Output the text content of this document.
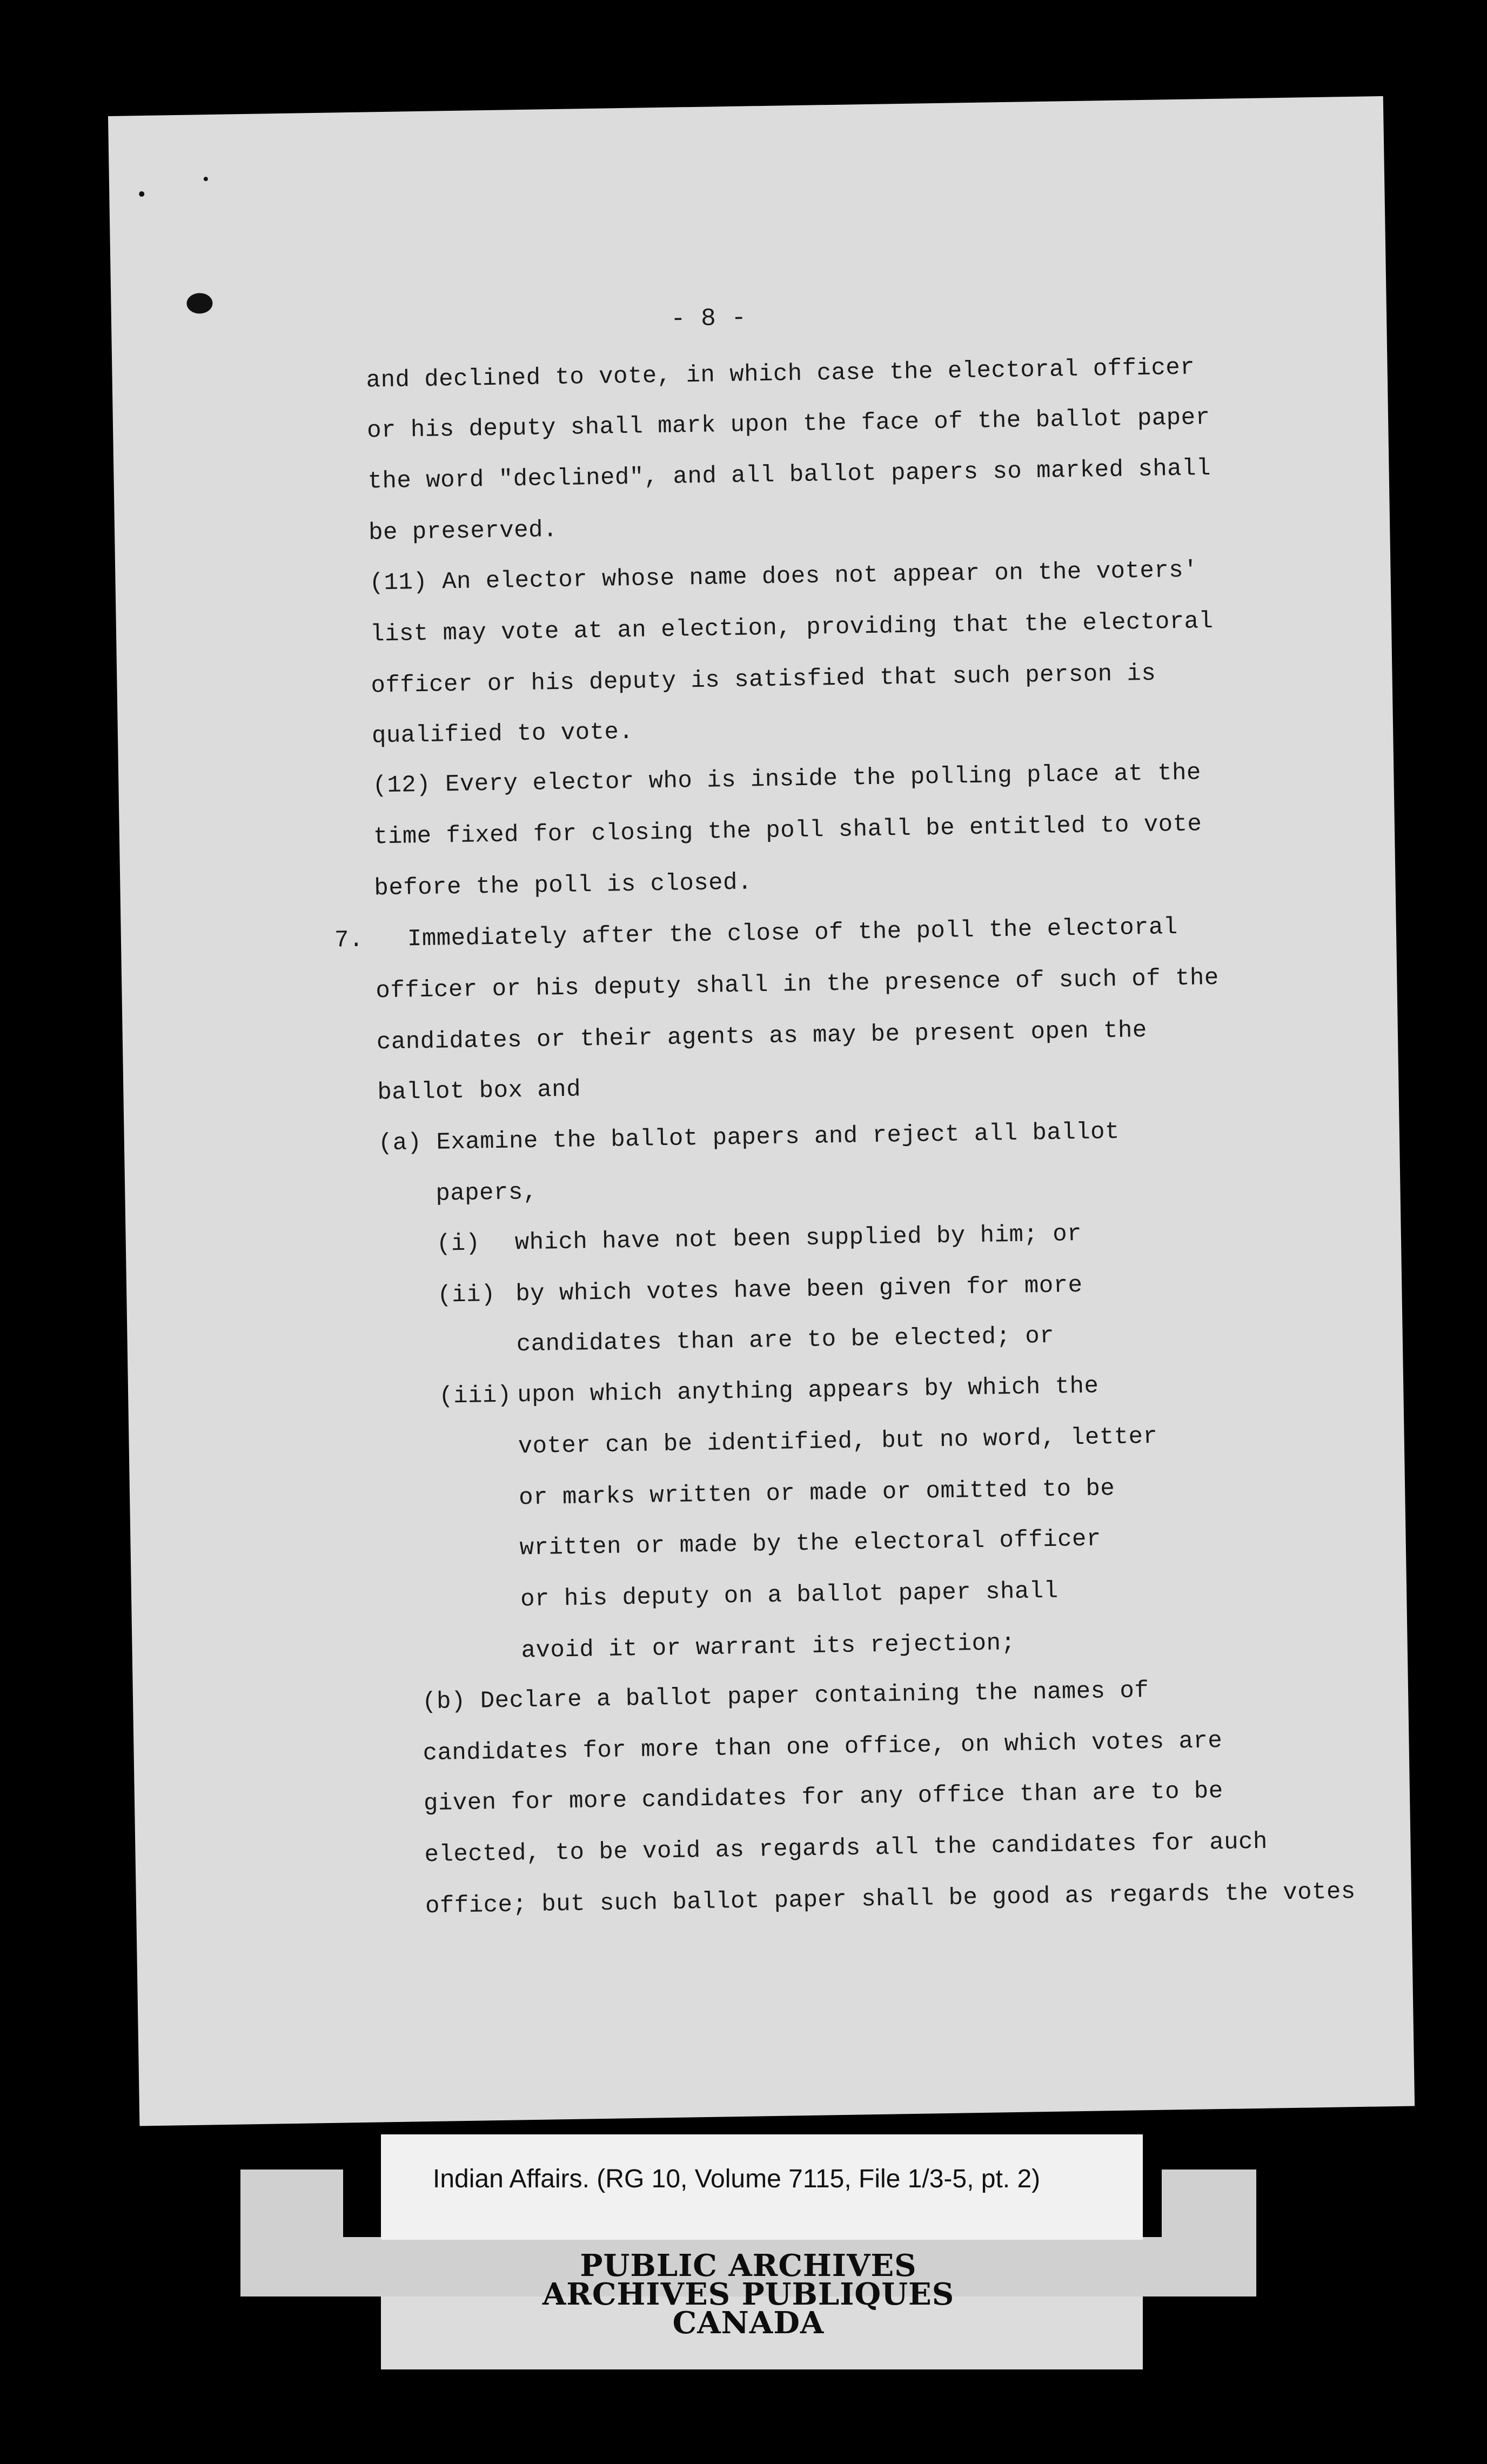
- 8 -
and declined to vote, in which case the electoral officer
or his deputy shall mark upon the face of the ballot paper
the word "declined", and all ballot papers so marked shall
be preserved.
(11) An elector whose name does not appear on the voters'
list may vote at an election, providing that the electoral
officer or his deputy is satisfied that such person is
qualified to vote.
(12) Every elector who is inside the polling place at the
time fixed for closing the poll shall be entitled to vote
before the poll is closed.
7. Immediately after the close of the poll the electoral
officer or his deputy shall in the presence of such of the
candidates or their agents as may be present open the
ballot box and
(a) Examine the ballot papers and reject all ballot
papers,
(i) which have not been supplied by him; or
(ii) by which votes have been given for more
candidates than are to be elected; or
(iii) upon which anything appears by which the
voter can be identified, but no word, letter
or marks written or made or omitted to be
written or made by the electoral officer
or his deputy on a ballot paper shall
avoid it or warrant its rejection;
(b) Declare a ballot paper containing the names of
candidates for more than one office, on which votes are
given for more candidates for any office than are to be
elected, to be void as regards all the candidates for auch
office; but such ballot paper shall be good as regards the votes
Indian Affairs. (RG 10, Volume 7115, File 1/3-5, pt. 2)
PUBLIC ARCHIVES
ARCHIVES PUBLIQUES
CANADA
